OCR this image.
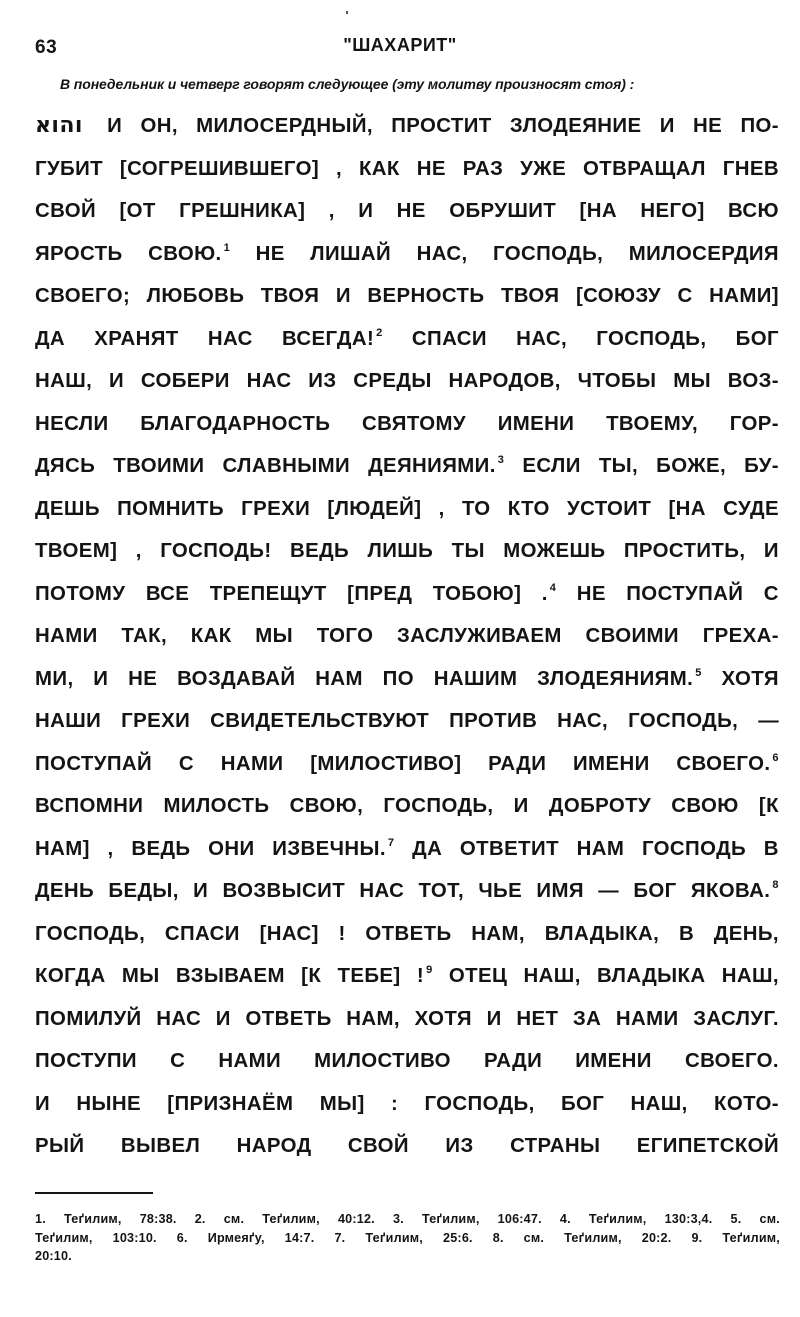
63	"ШАХАРИТ"
В понедельник и четверг говорят следующее (эту молитву произносят стоя) :
והוא И ОН, МИЛОСЕРДНЫЙ, ПРОСТИТ ЗЛОДЕЯНИЕ И НЕ ПО-
ГУБИТ [СОГРЕШИВШЕГО] , КАК НЕ РАЗ УЖЕ ОТВРАЩАЛ ГНЕВ
СВОЙ [ОТ ГРЕШНИКА] , И НЕ ОБРУШИТ [НА НЕГО] ВСЮ
ЯРОСТЬ СВОЮ. $^1$ НЕ ЛИШАЙ НАС, ГОСПОДЬ, МИЛОСЕРДИЯ
СВОЕГО; ЛЮБОВЬ ТВОЯ И ВЕРНОСТЬ ТВОЯ [СОЮЗУ С НАМИ]
ДА ХРАНЯТ НАС ВСЕГДА! $^2$ СПАСИ НАС, ГОСПОДЬ, БОГ
НАШ, И СОБЕРИ НАС ИЗ СРЕДЫ НАРОДОВ, ЧТОБЫ МЫ ВОЗ-
НЕСЛИ БЛАГОДАРНОСТЬ СВЯТОМУ ИМЕНИ ТВОЕМУ, ГОР-
ДЯСЬ ТВОИМИ СЛАВНЫМИ ДЕЯНИЯМИ. $^3$ ЕСЛИ ТЫ, БОЖЕ, БУ-
ДЕШЬ ПОМНИТЬ ГРЕХИ [ЛЮДЕЙ] , ТО КТО УСТОИТ [НА СУДЕ
ТВОЕМ] , ГОСПОДЬ! ВЕДЬ ЛИШЬ ТЫ МОЖЕШЬ ПРОСТИТЬ, И
ПОТОМУ ВСЕ ТРЕПЕЩУТ [ПРЕД ТОБОЮ] . $^4$ НЕ ПОСТУПАЙ С
НАМИ ТАК, КАК МЫ ТОГО ЗАСЛУЖИВАЕМ СВОИМИ ГРЕХА-
МИ, И НЕ ВОЗДАВАЙ НАМ ПО НАШИМ ЗЛОДЕЯНИЯМ. $^5$ ХОТЯ
НАШИ ГРЕХИ СВИДЕТЕЛЬСТВУЮТ ПРОТИВ НАС, ГОСПОДЬ, —
ПОСТУПАЙ С НАМИ [МИЛОСТИВО] РАДИ ИМЕНИ СВОЕГО. $^6$
ВСПОМНИ МИЛОСТЬ СВОЮ, ГОСПОДЬ, И ДОБРОТУ СВОЮ [К
НАМ] , ВЕДЬ ОНИ ИЗВЕЧНЫ. $^7$ ДА ОТВЕТИТ НАМ ГОСПОДЬ В
ДЕНЬ БЕДЫ, И ВОЗВЫСИТ НАС ТОТ, ЧЬЕ ИМЯ — БОГ ЯКОВА. $^8$
ГОСПОДЬ, СПАСИ [НАС] ! ОТВЕТЬ НАМ, ВЛАДЫКА, В ДЕНЬ,
КОГДА МЫ ВЗЫВАЕМ [К ТЕБЕ] ! $^9$ ОТЕЦ НАШ, ВЛАДЫКА НАШ,
ПОМИЛУЙ НАС И ОТВЕТЬ НАМ, ХОТЯ И НЕТ ЗА НАМИ ЗАСЛУГ.
ПОСТУПИ С НАМИ МИЛОСТИВО РАДИ ИМЕНИ СВОЕГО.
И НЫНЕ [ПРИЗНАЁМ МЫ] : ГОСПОДЬ, БОГ НАШ, КОТО-
РЫЙ ВЫВЕЛ НАРОД СВОЙ ИЗ СТРАНЫ ЕГИПЕТСКОЙ
1. Теґилим, 78:38. 2. см. Теґилим, 40:12. 3. Теґилим, 106:47. 4. Теґилим, 130:3,4. 5. см.
Теґилим, 103:10. 6. Ирмеяґу, 14:7. 7. Теґилим, 25:6. 8. см. Теґилим, 20:2. 9. Теґилим,
20:10.
